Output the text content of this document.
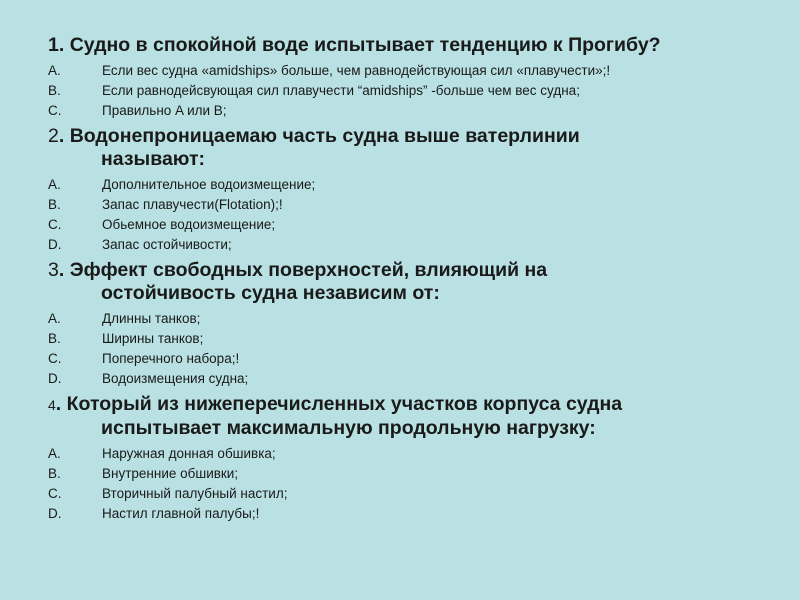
1. Судно в спокойной воде испытывает тенденцию к Прогибу?
A.	Если вес судна «amidships» больше, чем равнодействующая сил «плавучести»;!
B.	Если равнодейсвующая сил плавучести “amidships” -больше чем вес судна;
C.	Правильно A или B;
2. Водонепроницаемаю часть судна выше ватерлинии
называют:
A.	Дополнительное водоизмещение;
B.	Запас плавучести(Flotation);!
C.	Обьемное водоизмещение;
D.	Запас остойчивости;
3. Эффект свободных поверхностей, влияющий на
остойчивость судна независим от:
A.	Длинны танков;
B.	Ширины танков;
C.	Поперечного набора;!
D.	Водоизмещения судна;
4. Который из нижеперечисленных участков корпуса судна
испытывает максимальную продольную нагрузку:
A.	Наружная донная обшивка;
B.	Внутренние обшивки;
C.	Вторичный палубный настил;
D.	Настил главной палубы;!
